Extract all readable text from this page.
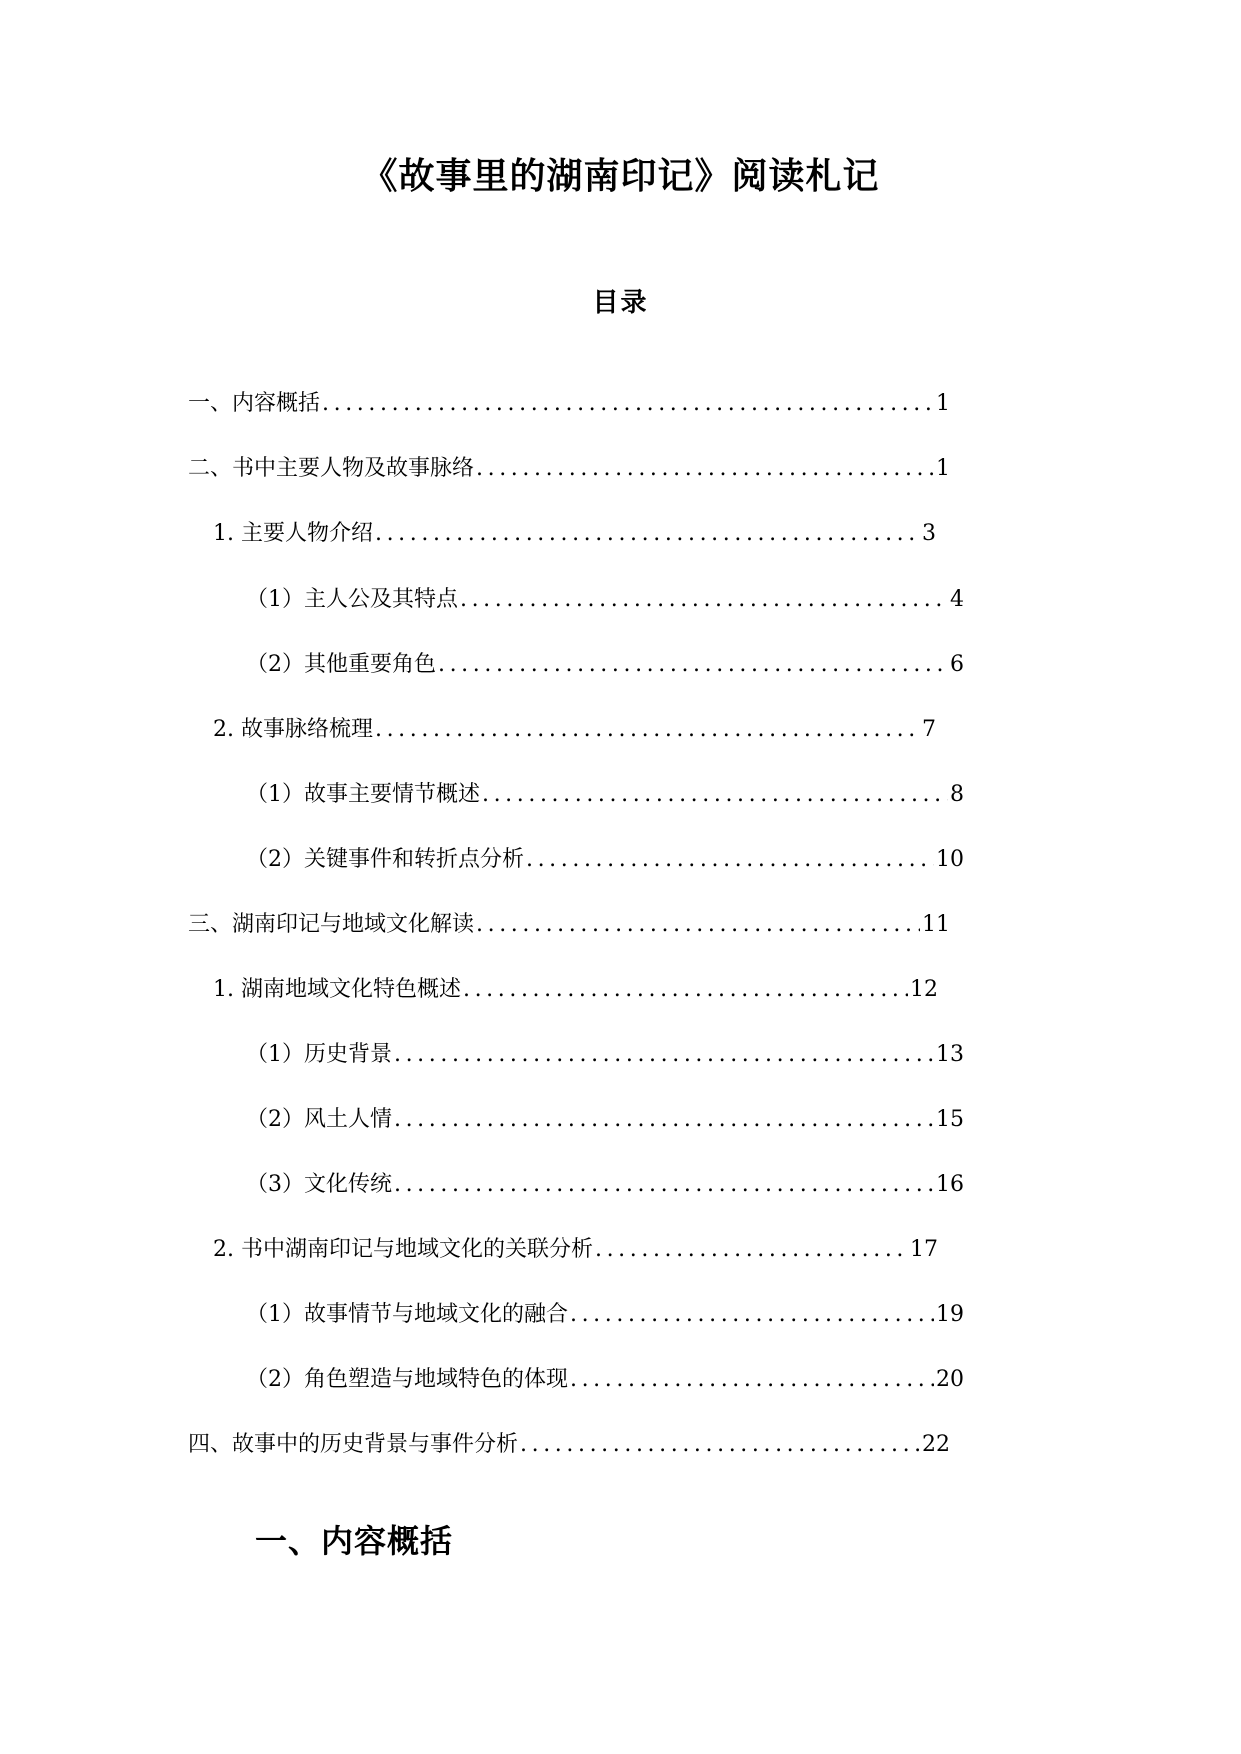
《故事里的湖南印记》阅读札记
目录
一、内容概括 .....	1
二、书中主要人物及故事脉络 .....	1
1. 主要人物介绍 .....	3
（1）主人公及其特点 .....	4
（2）其他重要角色 .....	6
2. 故事脉络梳理 .....	7
（1）故事主要情节概述 .....	8
（2）关键事件和转折点分析 .....	10
三、湖南印记与地域文化解读 .....	11
1. 湖南地域文化特色概述 .....	12
（1）历史背景 .....	13
（2）风土人情 .....	15
（3）文化传统 .....	16
2. 书中湖南印记与地域文化的关联分析 .....	17
（1）故事情节与地域文化的融合 .....	19
（2）角色塑造与地域特色的体现 .....	20
四、故事中的历史背景与事件分析 .....	22
一、内容概括
